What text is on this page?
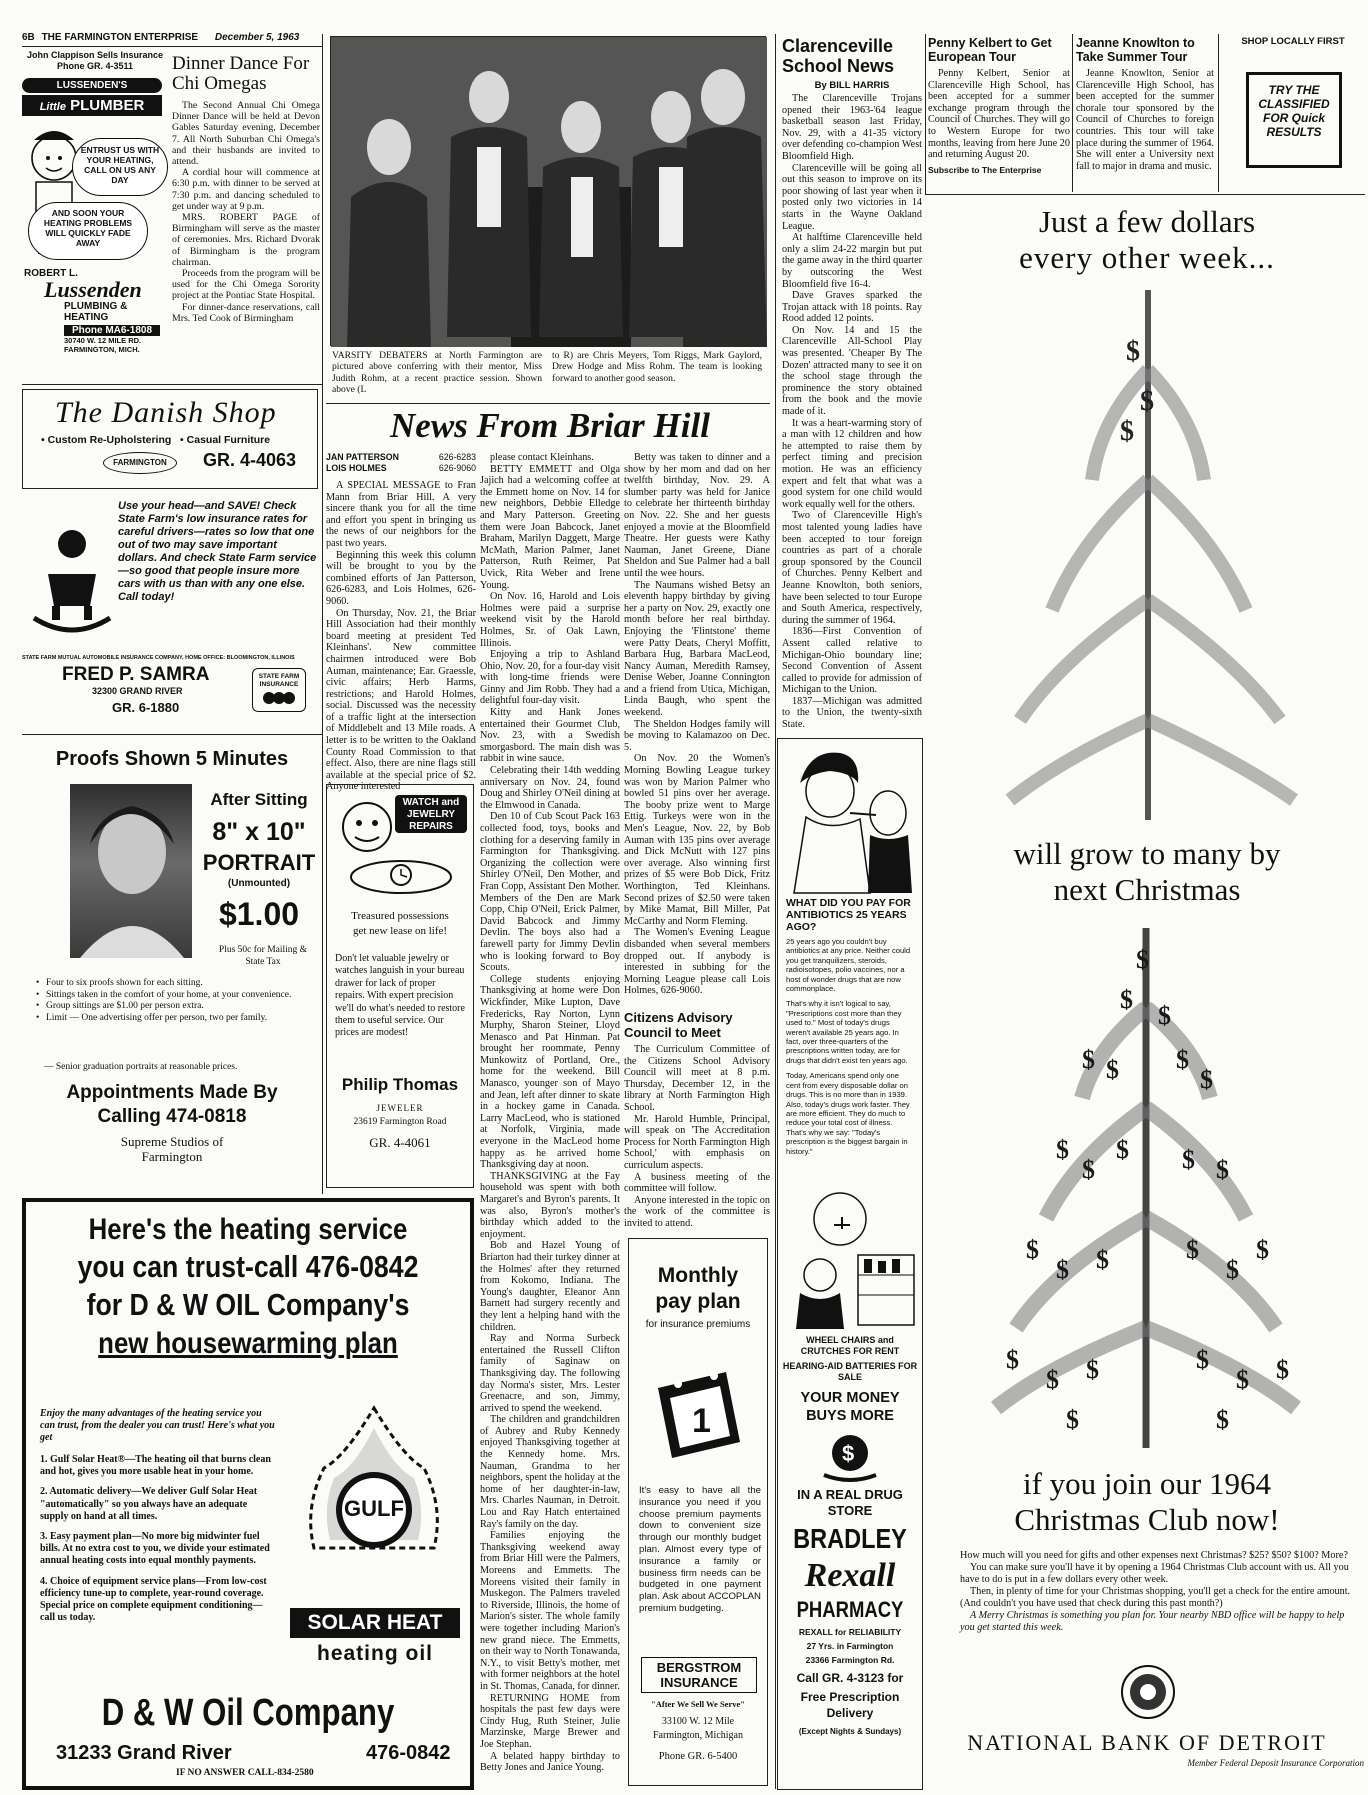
6B THE FARMINGTON ENTERPRISE December 5, 1963
John Clappison Sells Insurance
Phone GR. 4-3511
LUSSENDEN'S
Little PLUMBER
ENTRUST US WITH YOUR HEATING, CALL ON US ANY DAY
AND SOON YOUR HEATING PROBLEMS WILL QUICKLY FADE AWAY
ROBERT L.
Lussenden
PLUMBING & HEATING
Phone MA6-1808
30740 W. 12 MILE RD. FARMINGTON, MICH.
The Danish Shop
• Custom Re-Upholstering • Casual Furniture
FARMINGTON	GR. 4-4063
Use your head—and SAVE! Check State Farm's low insurance rates for careful drivers—rates so low that one out of two may save important dollars. And check State Farm service—so good that people insure more cars with us than with any one else. Call today!
STATE FARM MUTUAL AUTOMOBILE INSURANCE COMPANY, HOME OFFICE: BLOOMINGTON, ILLINOIS
FRED P. SAMRA
32300 GRAND RIVER
GR. 6-1880
STATE FARM INSURANCE
Proofs Shown 5 Minutes
After Sitting
8" x 10"
PORTRAIT
(Unmounted)
$1.00
Plus 50c for Mailing & State Tax
• Four to six proofs shown for each sitting.
• Sittings taken in the comfort of your home, at your convenience.
• Group sittings are $1.00 per person extra.
• Limit — One advertising offer per person, two per family.
— Senior graduation portraits at reasonable prices.
Appointments Made By
Calling 474-0818
Supreme Studios of Farmington
Dinner Dance For Chi Omegas

The Second Annual Chi Omega Dinner Dance will be held at Devon Gables Saturday evening, December 7. All North Suburban Chi Omega's and their husbands are invited to attend.

A cordial hour will commence at 6:30 p.m. with dinner to be served at 7:30 p.m. and dancing scheduled to get under way at 9 p.m.

MRS. ROBERT PAGE of Birmingham will serve as the master of ceremonies. Mrs. Richard Dvorak of Birmingham is the program chairman.

Proceeds from the program will be used for the Chi Omega Sorority project at the Pontiac State Hospital.

For dinner-dance reservations, call Mrs. Ted Cook of Birmingham

VARSITY DEBATERS at North Farmington are pictured above conferring with their mentor, Miss Judith Rohm, at a recent practice session. Shown above (L
to R) are Chris Meyers, Tom Riggs, Mark Gaylord, Drew Hodge and Miss Rohm. The team is looking forward to another good season.
News From Briar Hill
JAN PATTERSON	626-6283
LOIS HOLMES	626-9060

A SPECIAL MESSAGE to Fran Mann from Briar Hill. A very sincere thank you for all the time and effort you spent in bringing us the news of our neighbors for the past two years.

Beginning this week this column will be brought to you by the combined efforts of Jan Patterson, 626-6283, and Lois Holmes, 626-9060.

On Thursday, Nov. 21, the Briar Hill Association had their monthly board meeting at president Ted Kleinhans'. New committee chairmen introduced were Bob Auman, maintenance; Ear. Graessle, civic affairs; Herb Harms, restrictions; and Harold Holmes, social. Discussed was the necessity of a traffic light at the intersection of Middlebelt and 13 Mile roads. A letter is to be written to the Oakland County Road Commission to that effect. Also, there are nine flags still available at the special price of $2. Anyone interested

please contact Kleinhans.

BETTY EMMETT and Olga Jajich had a welcoming coffee at the Emmett home on Nov. 14 for new neighbors, Debbie Elledge and Mary Patterson. Greeting them were Joan Babcock, Janet Braham, Marilyn Daggett, Marge McMath, Marion Palmer, Janet Patterson, Ruth Reimer, Pat Uvick, Rita Weber and Irene Young.

On Nov. 16, Harold and Lois Holmes were paid a surprise weekend visit by the Harold Holmes, Sr. of Oak Lawn, Illinois.

Enjoying a trip to Ashland Ohio, Nov. 20, for a four-day visit with long-time friends were Ginny and Jim Robb. They had a delightful four-day visit.

Kitty and Hank Jones entertained their Gourmet Club, Nov. 23, with a Swedish smorgasbord. The main dish was rabbit in wine sauce.

Celebrating their 14th wedding anniversary on Nov. 24, found Doug and Shirley O'Neil dining at the Elmwood in Canada.

Den 10 of Cub Scout Pack 163 collected food, toys, books and clothing for a deserving family in Farmington for Thanksgiving. Organizing the collection were Shirley O'Neil, Den Mother, and Fran Copp, Assistant Den Mother. Members of the Den are Mark Copp, Chip O'Neil, Erick Palmer, David Babcock and Jimmy Devlin. The boys also had a farewell party for Jimmy Devlin who is looking forward to Boy Scouts.

College students enjoying Thanksgiving at home were Don Wickfinder, Mike Lupton, Dave Fredericks, Ray Norton, Lynn Murphy, Sharon Steiner, Lloyd Menasco and Pat Hinman. Pat brought her roommate, Penny Munkowitz of Portland, Ore., home for the weekend. Bill Manasco, younger son of Mayo and Jean, left after dinner to skate in a hockey game in Canada. Larry MacLeod, who is stationed at Norfolk, Virginia, made everyone in the MacLeod home happy as he arrived home Thanksgiving day at noon.

THANKSGIVING at the Fay household was spent with both Margaret's and Byron's parents. It was also, Byron's mother's birthday which added to the enjoyment.

Bob and Hazel Young of Briarton had their turkey dinner at the Holmes' after they returned from Kokomo, Indiana. The Young's daughter, Eleanor Ann Barnett had surgery recently and they lent a helping hand with the children.

Ray and Norma Surbeck entertained the Russell Clifton family of Saginaw on Thanksgiving day. The following day Norma's sister, Mrs. Lester Greenacre, and son, Jimmy, arrived to spend the weekend.

The children and grandchildren of Aubrey and Ruby Kennedy enjoyed Thanksgiving together at the Kennedy home. Mrs. Nauman, Grandma to her neighbors, spent the holiday at the home of her daughter-in-law, Mrs. Charles Nauman, in Detroit. Lou and Ray Hatch entertained Ray's family on the day.

Families enjoying the Thanksgiving weekend away from Briar Hill were the Palmers, Moreens and Emmetts. The Moreens visited their family in Muskegon. The Palmers traveled to Riverside, Illinois, the home of Marion's sister. The whole family were together including Marion's new grand niece. The Emmetts, on their way to North Tonawanda, N.Y., to visit Betty's mother, met with former neighbors at the hotel in St. Thomas, Canada, for dinner.

RETURNING HOME from hospitals the past few days were Cindy Hug, Ruth Steiner, Julie Marzinske, Marge Brewer and Joe Stephan.

A belated happy birthday to Betty Jones and Janice Young.

Betty was taken to dinner and a show by her mom and dad on her twelfth birthday, Nov. 29. A slumber party was held for Janice to celebrate her thirteenth birthday on Nov. 22. She and her guests enjoyed a movie at the Bloomfield Theatre. Her guests were Kathy Nauman, Janet Greene, Diane Sheldon and Sue Palmer had a ball until the wee hours.

The Naumans wished Betsy an eleventh happy birthday by giving her a party on Nov. 29, exactly one month before her real birthday. Enjoying the 'Flintstone' theme were Patty Deats, Cheryl Moffitt, Barbara Hug, Barbara MacLeod, Nancy Auman, Meredith Ramsey, Denise Weber, Joanne Connington and a friend from Utica, Michigan, Linda Baugh, who spent the weekend.

The Sheldon Hodges family will be moving to Kalamazoo on Dec. 5.

On Nov. 20 the Women's Morning Bowling League turkey was won by Marion Palmer who bowled 51 pins over her average. The booby prize went to Marge Ettig. Turkeys were won in the Men's League, Nov. 22, by Bob Auman with 135 pins over average and Dick McNutt with 127 pins over average. Also winning first prizes of $5 were Bob Dick, Fritz Worthington, Ted Kleinhans. Second prizes of $2.50 were taken by Mike Mamat, Bill Miller, Pat McCarthy and Norm Fleming.

The Women's Evening League disbanded when several members dropped out. If anybody is interested in subbing for the Morning League please call Lois Holmes, 626-9060.

WATCH and JEWELRY REPAIRS
Treasured possessions
get new lease on life!
Don't let valuable jewelry or watches languish in your bureau drawer for lack of proper repairs. With expert precision we'll do what's needed to restore them to useful service. Our prices are modest!
Philip Thomas
JEWELER
23619 Farmington Road
GR. 4-4061
Citizens Advisory Council to Meet

The Curriculum Committee of the Citizens School Advisory Council will meet at 8 p.m. Thursday, December 12, in the library at North Farmington High School.

Mr. Harold Humble, Principal, will speak on 'The Accreditation Process for North Farmington High School,' with emphasis on curriculum aspects.

A business meeting of the committee will follow.

Anyone interested in the topic on the work of the committee is invited to attend.

Monthly
pay plan
for insurance premiums
1
It's easy to have all the insurance you need if you choose premium payments down to convenient size through our monthly budget plan. Almost every type of insurance a family or business firm needs can be budgeted in one payment plan. Ask about ACCOPLAN premium budgeting.
BERGSTROM
INSURANCE
"After We Sell We Serve"
33100 W. 12 Mile
Farmington, Michigan
Phone GR. 6-5400
Here's the heating service
you can trust-call 476-0842
for D & W OIL Company's
new housewarming plan
Enjoy the many advantages of the heating service you can trust, from the dealer you can trust! Here's what you get

1. Gulf Solar Heat®—The heating oil that burns clean and hot, gives you more usable heat in your home.

2. Automatic delivery—We deliver Gulf Solar Heat "automatically" so you always have an adequate supply on hand at all times.

3. Easy payment plan—No more big midwinter fuel bills. At no extra cost to you, we divide your estimated annual heating costs into equal monthly payments.

4. Choice of equipment service plans—From low-cost efficiency tune-up to complete, year-round coverage. Special price on complete equipment conditioning—call us today.

GULF
SOLAR HEAT
heating oil
D & W Oil Company
31233 Grand River	476-0842
IF NO ANSWER CALL-834-2580
Clarenceville School News
By BILL HARRIS

The Clarenceville Trojans opened their 1963-'64 league basketball season last Friday, Nov. 29, with a 41-35 victory over defending co-champion West Bloomfield High.

Clarenceville will be going all out this season to improve on its poor showing of last year when it posted only two victories in 14 starts in the Wayne Oakland League.

At halftime Clarenceville held only a slim 24-22 margin but put the game away in the third quarter by outscoring the West Bloomfield five 16-4.

Dave Graves sparked the Trojan attack with 18 points. Ray Rood added 12 points.

On Nov. 14 and 15 the Clarenceville All-School Play was presented. 'Cheaper By The Dozen' attracted many to see it on the school stage through the prominence the story obtained from the book and the movie made of it.

It was a heart-warming story of a man with 12 children and how he attempted to raise them by perfect timing and precision motion. He was an efficiency expert and felt that what was a good system for one child would work equally well for the others.

Two of Clarenceville High's most talented young ladies have been accepted to tour foreign countries as part of a chorale group sponsored by the Council of Churches. Penny Kelbert and Jeanne Knowlton, both seniors, have been selected to tour Europe and South America, respectively, during the summer of 1964.

1836—First Convention of Assent called relative to Michigan-Ohio boundary line; Second Convention of Assent called to provide for admission of Michigan to the Union.

1837—Michigan was admitted to the Union, the twenty-sixth State.

WHAT DID YOU PAY FOR ANTIBIOTICS 25 YEARS AGO?

25 years ago you couldn't buy antibiotics at any price. Neither could you get tranquilizers, steroids, radioisotopes, polio vaccines, nor a host of wonder drugs that are now commonplace.

That's why it isn't logical to say, "Prescriptions cost more than they used to." Most of today's drugs weren't available 25 years ago. In fact, over three-quarters of the prescriptions written today, are for drugs that didn't exist ten years ago.

Today, Americans spend only one cent from every disposable dollar on drugs. This is no more than in 1939. Also, today's drugs work faster. They are more efficient. They do much to reduce your total cost of illness. That's why we say: "Today's prescription is the biggest bargain in history."

WHEEL CHAIRS and CRUTCHES FOR RENT
HEARING-AID BATTERIES FOR SALE
YOUR MONEY BUYS MORE
$
IN A REAL DRUG STORE
BRADLEY
Rexall
PHARMACY
REXALL for RELIABILITY
27 Yrs. in Farmington
23366 Farmington Rd.
Call GR. 4-3123 for
Free Prescription Delivery
(Except Nights & Sundays)
Penny Kelbert to Get European Tour
Penny Kelbert, Senior at Clarenceville High School, has been accepted for a summer exchange program through the Council of Churches. They will go to Western Europe for two months, leaving from here June 20 and returning August 20.
Subscribe to The Enterprise
Jeanne Knowlton to Take Summer Tour
Jeanne Knowlton, Senior at Clarenceville High School, has been accepted for the summer chorale tour sponsored by the Council of Churches to foreign countries. This tour will take place during the summer of 1964. She will enter a University next fall to major in drama and music.
SHOP LOCALLY FIRST
TRY THE CLASSIFIED FOR Quick RESULTS
Just a few dollars
every other week...
$
$
$
will grow to many by
next Christmas
$
$
$
$ $ $
$
$
$
$ $ $
$
$ $	$
$
$
$
$ $	$
$ $
$	$
if you join our 1964
Christmas Club now!

How much will you need for gifts and other expenses next Christmas? $25? $50? $100? More?

You can make sure you'll have it by opening a 1964 Christmas Club account with us. All you have to do is put in a few dollars every other week.

Then, in plenty of time for your Christmas shopping, you'll get a check for the entire amount. (And couldn't you have used that check during this past month?)

A Merry Christmas is something you plan for. Your nearby NBD office will be happy to help you get started this week.

NATIONAL BANK OF DETROIT
Member Federal Deposit Insurance Corporation
